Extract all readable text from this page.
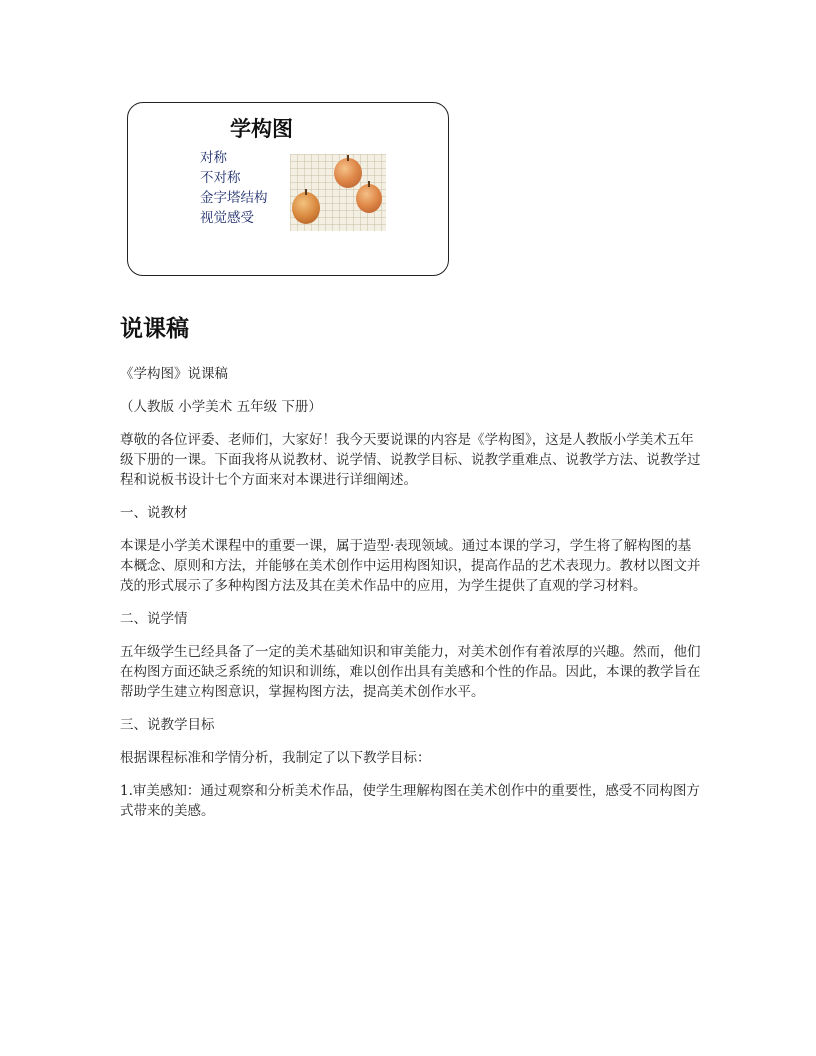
学构图
对称
不对称
金字塔结构
视觉感受
说课稿

《学构图》说课稿

（人教版 小学美术 五年级 下册）

尊敬的各位评委、老师们，大家好！我今天要说课的内容是《学构图》，这是人教版小学美术五年级下册的一课。下面我将从说教材、说学情、说教学目标、说教学重难点、说教学方法、说教学过程和说板书设计七个方面来对本课进行详细阐述。

一、说教材

本课是小学美术课程中的重要一课，属于造型·表现领域。通过本课的学习，学生将了解构图的基本概念、原则和方法，并能够在美术创作中运用构图知识，提高作品的艺术表现力。教材以图文并茂的形式展示了多种构图方法及其在美术作品中的应用，为学生提供了直观的学习材料。

二、说学情

五年级学生已经具备了一定的美术基础知识和审美能力，对美术创作有着浓厚的兴趣。然而，他们在构图方面还缺乏系统的知识和训练，难以创作出具有美感和个性的作品。因此，本课的教学旨在帮助学生建立构图意识，掌握构图方法，提高美术创作水平。

三、说教学目标

根据课程标准和学情分析，我制定了以下教学目标：

1.审美感知：通过观察和分析美术作品，使学生理解构图在美术创作中的重要性，感受不同构图方式带来的美感。
